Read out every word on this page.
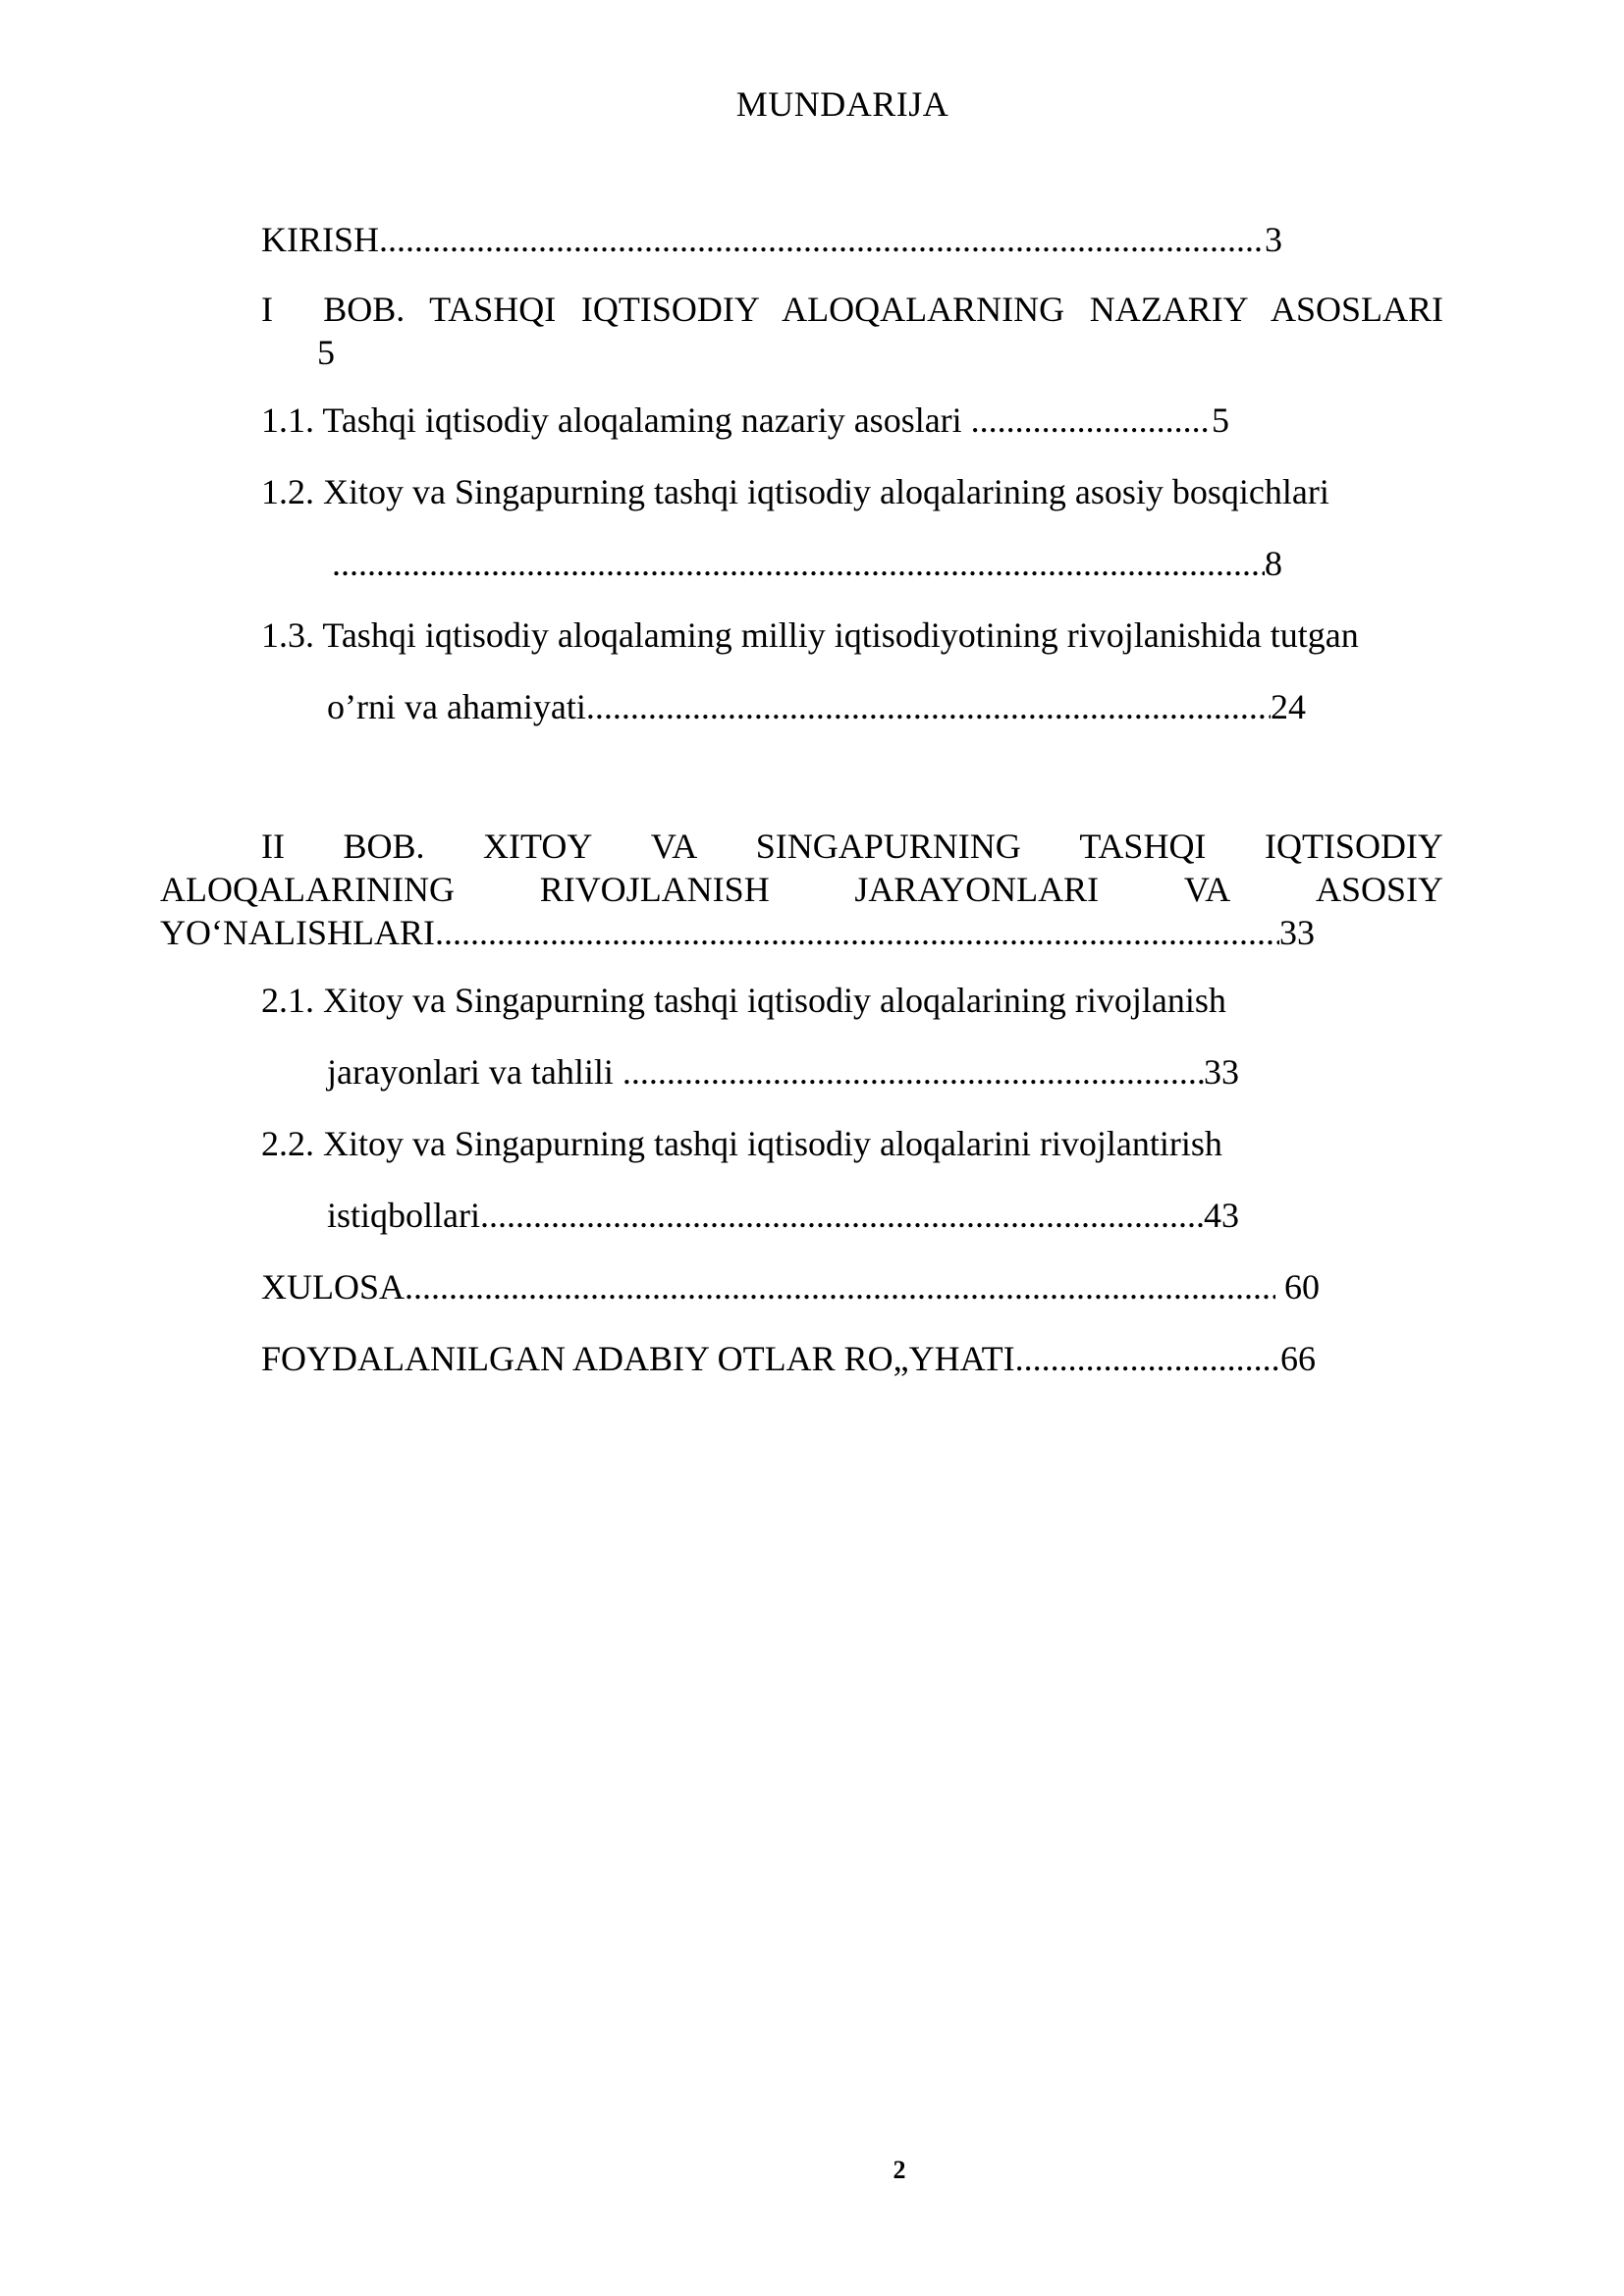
MUNDARIJA
KIRISH .....	3
I    BOB.  TASHQI  IQTISODIY  ALOQALARNING  NAZARIY  ASOSLARI
5
1.1. Tashqi iqtisodiy aloqalaming nazariy asoslari .....	5
1.2. Xitoy va Singapurning tashqi iqtisodiy aloqalarining asosiy bosqichlari
.....
8
1.3. Tashqi iqtisodiy aloqalaming milliy iqtisodiyotining rivojlanishida tutgan
o’rni va ahamiyati .....	24
II BOB. XITOY VA SINGAPURNING TASHQI IQTISODIY
ALOQALARINING RIVOJLANISH JARAYONLARI VA ASOSIY
YO‘NALISHLARI .....	33
2.1. Xitoy va Singapurning tashqi iqtisodiy aloqalarining rivojlanish
jarayonlari va tahlili .....	33
2.2. Xitoy va Singapurning tashqi iqtisodiy aloqalarini rivojlantirish
istiqbollari .....	43
XULOSA .....	60
FOYDALANILGAN ADABIY OTLAR RO„YHATI .....	66
2
